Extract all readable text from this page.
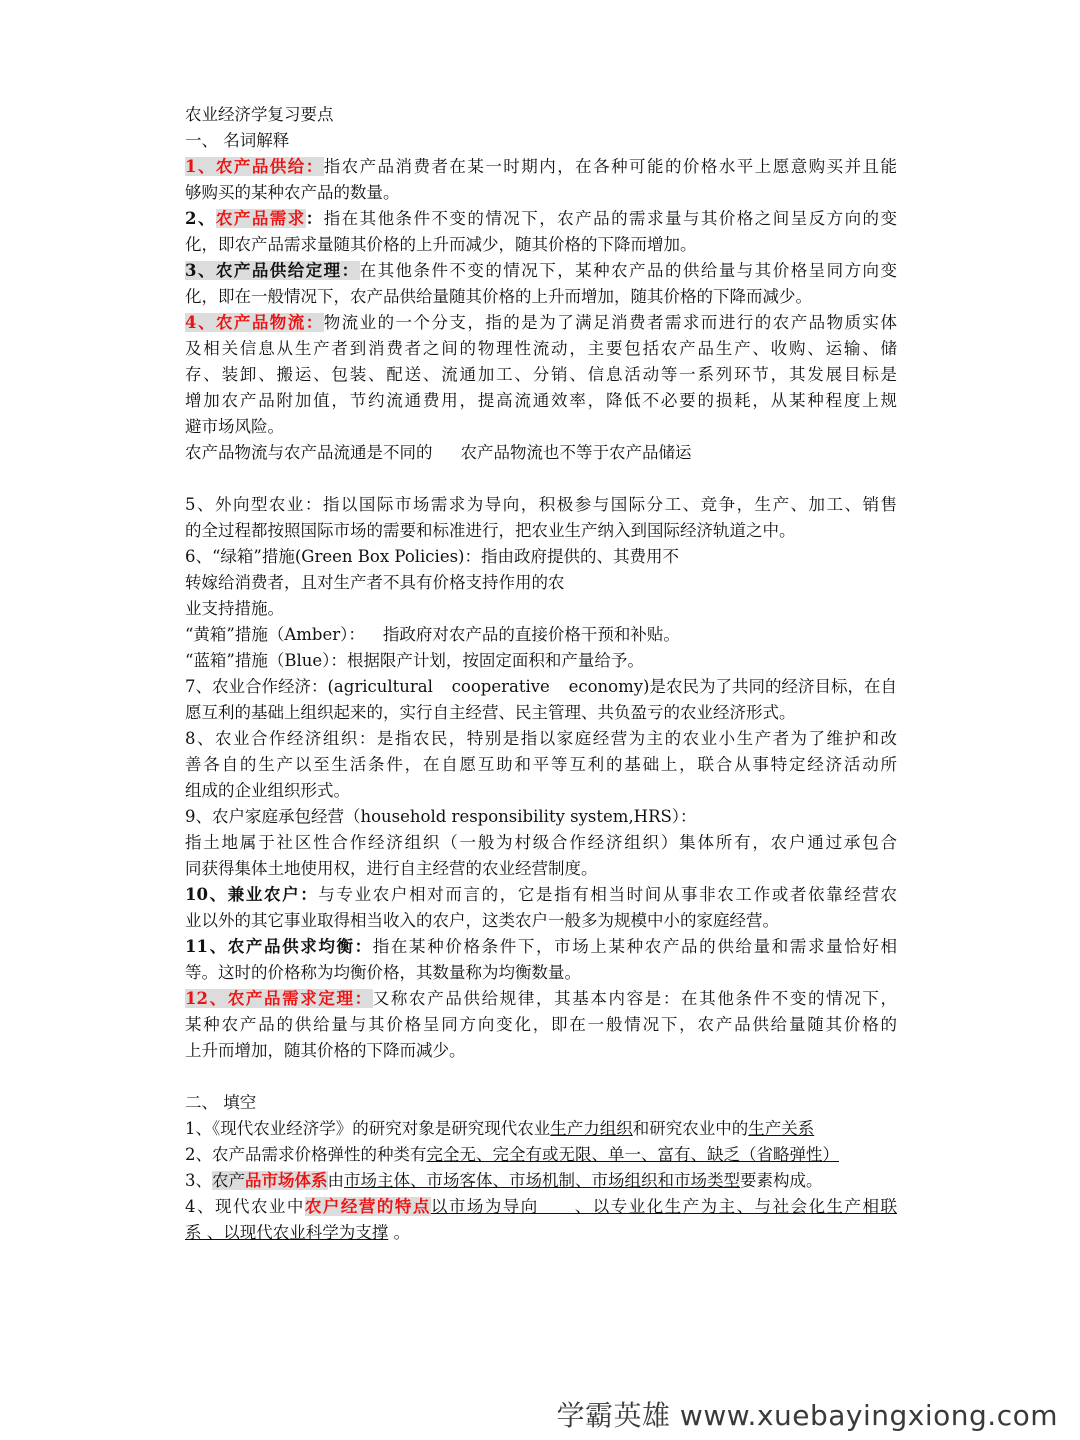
农业经济学复习要点
一、 名词解释
1、农产品供给：指农产品消费者在某一时期内，在各种可能的价格水平上愿意购买并且能
够购买的某种农产品的数量。
2、农产品需求：指在其他条件不变的情况下，农产品的需求量与其价格之间呈反方向的变
化，即农产品需求量随其价格的上升而减少，随其价格的下降而增加。
3、农产品供给定理：在其他条件不变的情况下，某种农产品的供给量与其价格呈同方向变
化，即在一般情况下，农产品供给量随其价格的上升而增加，随其价格的下降而减少。
4、农产品物流：物流业的一个分支，指的是为了满足消费者需求而进行的农产品物质实体
及相关信息从生产者到消费者之间的物理性流动，主要包括农产品生产、收购、运输、储
存、装卸、搬运、包装、配送、流通加工、分销、信息活动等一系列环节，其发展目标是
增加农产品附加值，节约流通费用，提高流通效率，降低不必要的损耗，从某种程度上规
避市场风险。
农产品物流与农产品流通是不同的 农产品物流也不等于农产品储运
5、外向型农业：指以国际市场需求为导向，积极参与国际分工、竞争，生产、加工、销售
的全过程都按照国际市场的需要和标准进行，把农业生产纳入到国际经济轨道之中。
6、“绿箱”措施(Green Box Policies)：指由政府提供的、其费用不
转嫁给消费者，且对生产者不具有价格支持作用的农
业支持措施。
“黄箱”措施（Amber）： 指政府对农产品的直接价格干预和补贴。
“蓝箱”措施（Blue）：根据限产计划，按固定面积和产量给予。
7、农业合作经济：(agricultural cooperative economy)是农民为了共同的经济目标，在自
愿互利的基础上组织起来的，实行自主经营、民主管理、共负盈亏的农业经济形式。
8、农业合作经济组织：是指农民，特别是指以家庭经营为主的农业小生产者为了维护和改
善各自的生产以至生活条件，在自愿互助和平等互利的基础上，联合从事特定经济活动所
组成的企业组织形式。
9、农户家庭承包经营（household responsibility system,HRS）：
指土地属于社区性合作经济组织（一般为村级合作经济组织）集体所有，农户通过承包合
同获得集体土地使用权，进行自主经营的农业经营制度。
10、兼业农户：与专业农户相对而言的，它是指有相当时间从事非农工作或者依靠经营农
业以外的其它事业取得相当收入的农户，这类农户一般多为规模中小的家庭经营。
11、农产品供求均衡：指在某种价格条件下，市场上某种农产品的供给量和需求量恰好相
等。这时的价格称为均衡价格，其数量称为均衡数量。
12、农产品需求定理：又称农产品供给规律，其基本内容是：在其他条件不变的情况下，
某种农产品的供给量与其价格呈同方向变化，即在一般情况下，农产品供给量随其价格的
上升而增加，随其价格的下降而减少。
二、 填空
1、《现代农业经济学》的研究对象是研究现代农业生产力组织和研究农业中的生产关系
2、农产品需求价格弹性的种类有完全无、完全有或无限、单一、富有、缺乏（省略弹性）
3、农产品市场体系由市场主体、市场客体、市场机制、市场组织和市场类型要素构成。
4、现代农业中农户经营的特点以市场为导向　　、以专业化生产为主、与社会化生产相联
系 、以现代农业科学为支撑 。
学霸英雄 www.xuebayingxiong.com
